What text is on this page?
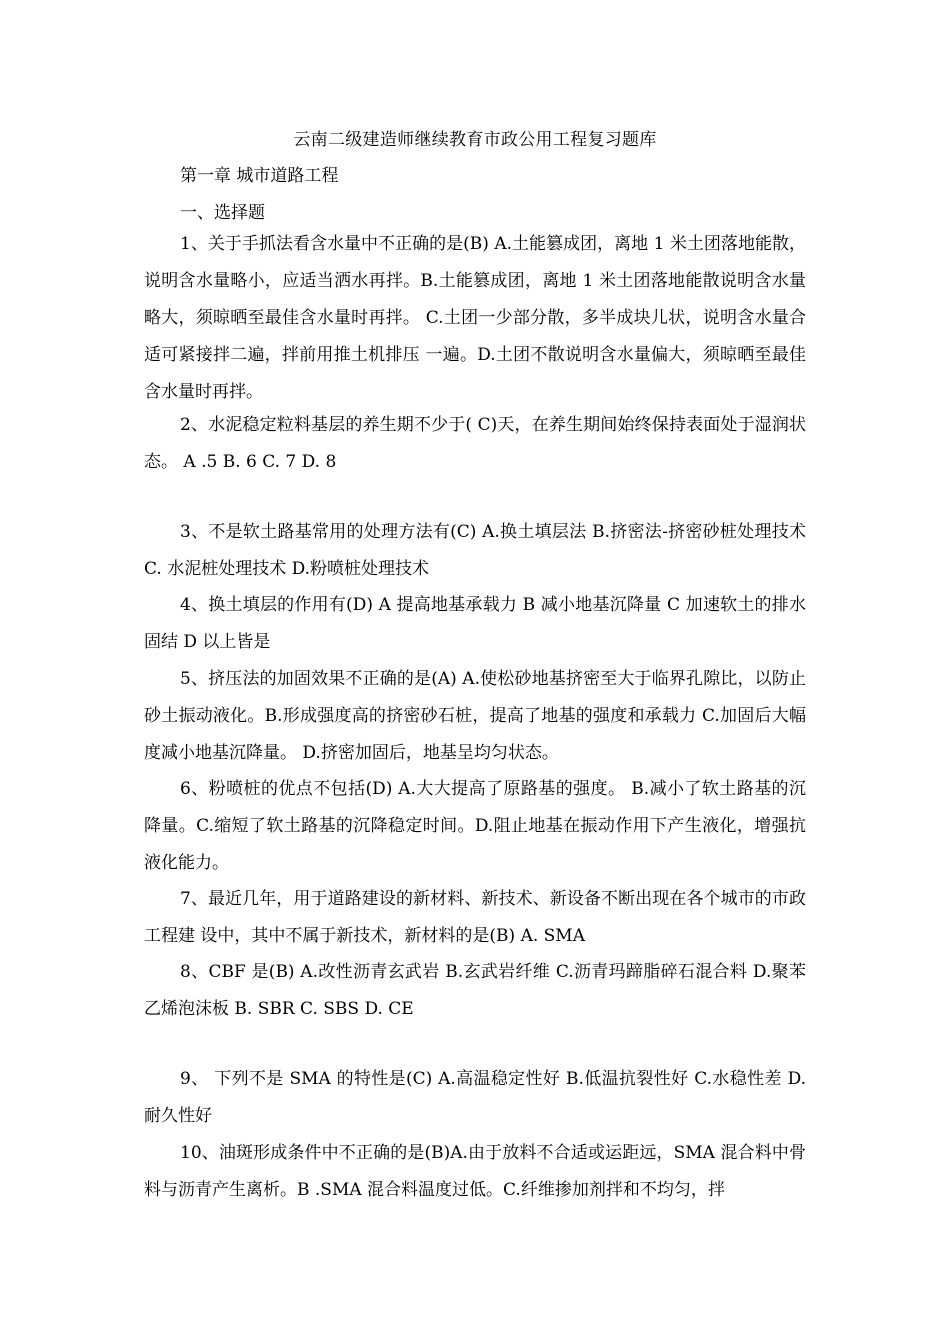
云南二级建造师继续教育市政公用工程复习题库
第一章 城市道路工程
一、选择题

1、关于手抓法看含水量中不正确的是(B) A.土能篡成团，离地 1 米土团落地能散，说明含水量略小，应适当洒水再拌。B.土能篡成团，离地 1 米土团落地能散说明含水量略大，须晾晒至最佳含水量时再拌。 C.土团一少部分散，多半成块儿状，说明含水量合适可紧接拌二遍，拌前用推土机排压 一遍。D.土团不散说明含水量偏大，须晾晒至最佳含水量时再拌。

2、水泥稳定粒料基层的养生期不少于( C)天，在养生期间始终保持表面处于湿润状态。 A .5 B. 6 C. 7 D. 8

3、不是软土路基常用的处理方法有(C) A.换土填层法 B.挤密法-挤密砂桩处理技术 C. 水泥桩处理技术 D.粉喷桩处理技术

4、换土填层的作用有(D) A 提高地基承载力 B 减小地基沉降量 C 加速软土的排水固结 D 以上皆是

5、挤压法的加固效果不正确的是(A) A.使松砂地基挤密至大于临界孔隙比，以防止砂土振动液化。B.形成强度高的挤密砂石桩，提高了地基的强度和承载力 C.加固后大幅度减小地基沉降量。 D.挤密加固后，地基呈均匀状态。

6、粉喷桩的优点不包括(D) A.大大提高了原路基的强度。 B.减小了软土路基的沉降量。C.缩短了软土路基的沉降稳定时间。D.阻止地基在振动作用下产生液化，增强抗液化能力。

7、最近几年，用于道路建设的新材料、新技术、新设备不断出现在各个城市的市政工程建 设中，其中不属于新技术，新材料的是(B) A. SMA

8、CBF 是(B) A.改性沥青玄武岩 B.玄武岩纤维 C.沥青玛蹄脂碎石混合料 D.聚苯乙烯泡沫板 B. SBR C. SBS D. CE

9、 下列不是 SMA 的特性是(C) A.高温稳定性好 B.低温抗裂性好 C.水稳性差 D.耐久性好

10、油斑形成条件中不正确的是(B)A.由于放料不合适或运距远，SMA 混合料中骨料与沥青产生离析。B .SMA 混合料温度过低。C.纤维掺加剂拌和不均匀，拌
